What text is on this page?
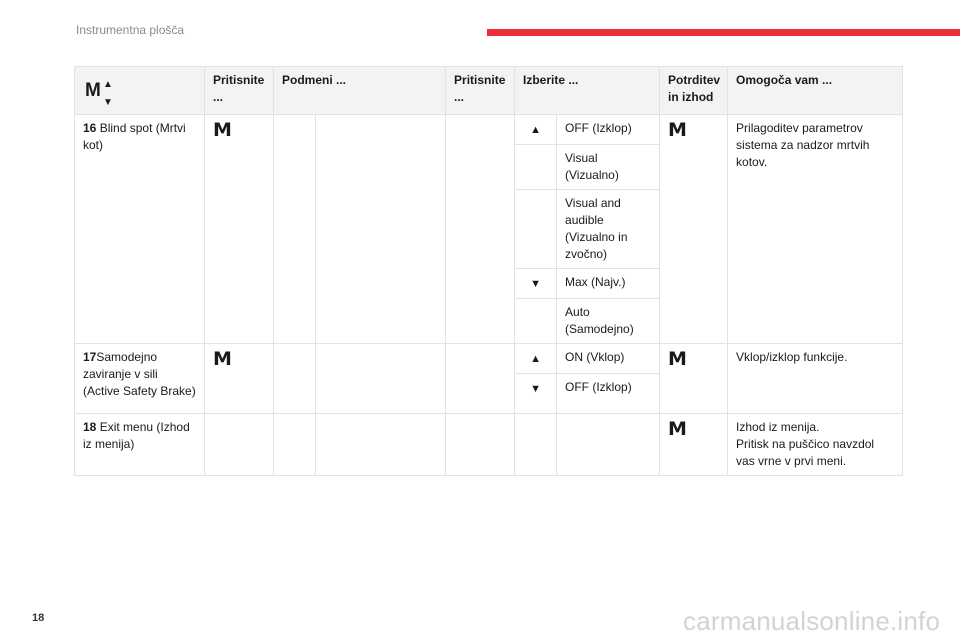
Instrumentna plošča
M ▲
▼	Pritisnite ...	Podmeni ...		Pritisnite ...	Izberite ...		Potrditev in izhod	Omogoča vam ...
16 Blind spot (Mrtvi kot)	M				▲	OFF (Izklop)	M	Prilagoditev parametrov sistema za nadzor mrtvih kotov.
						Visual (Vizualno)		
						Visual and audible (Vizualno in zvočno)		
					▼	Max (Najv.)		
						Auto (Samodejno)		
17Samodejno zaviranje v sili (Active Safety Brake)	M				▲	ON (Vklop)	M	Vklop/izklop funkcije.
					▼	OFF (Izklop)		
18 Exit menu (Izhod iz menija)							M	Izhod iz menija.
Pritisk na puščico navzdol vas vrne v prvi meni.
18	carmanualsonline.info
